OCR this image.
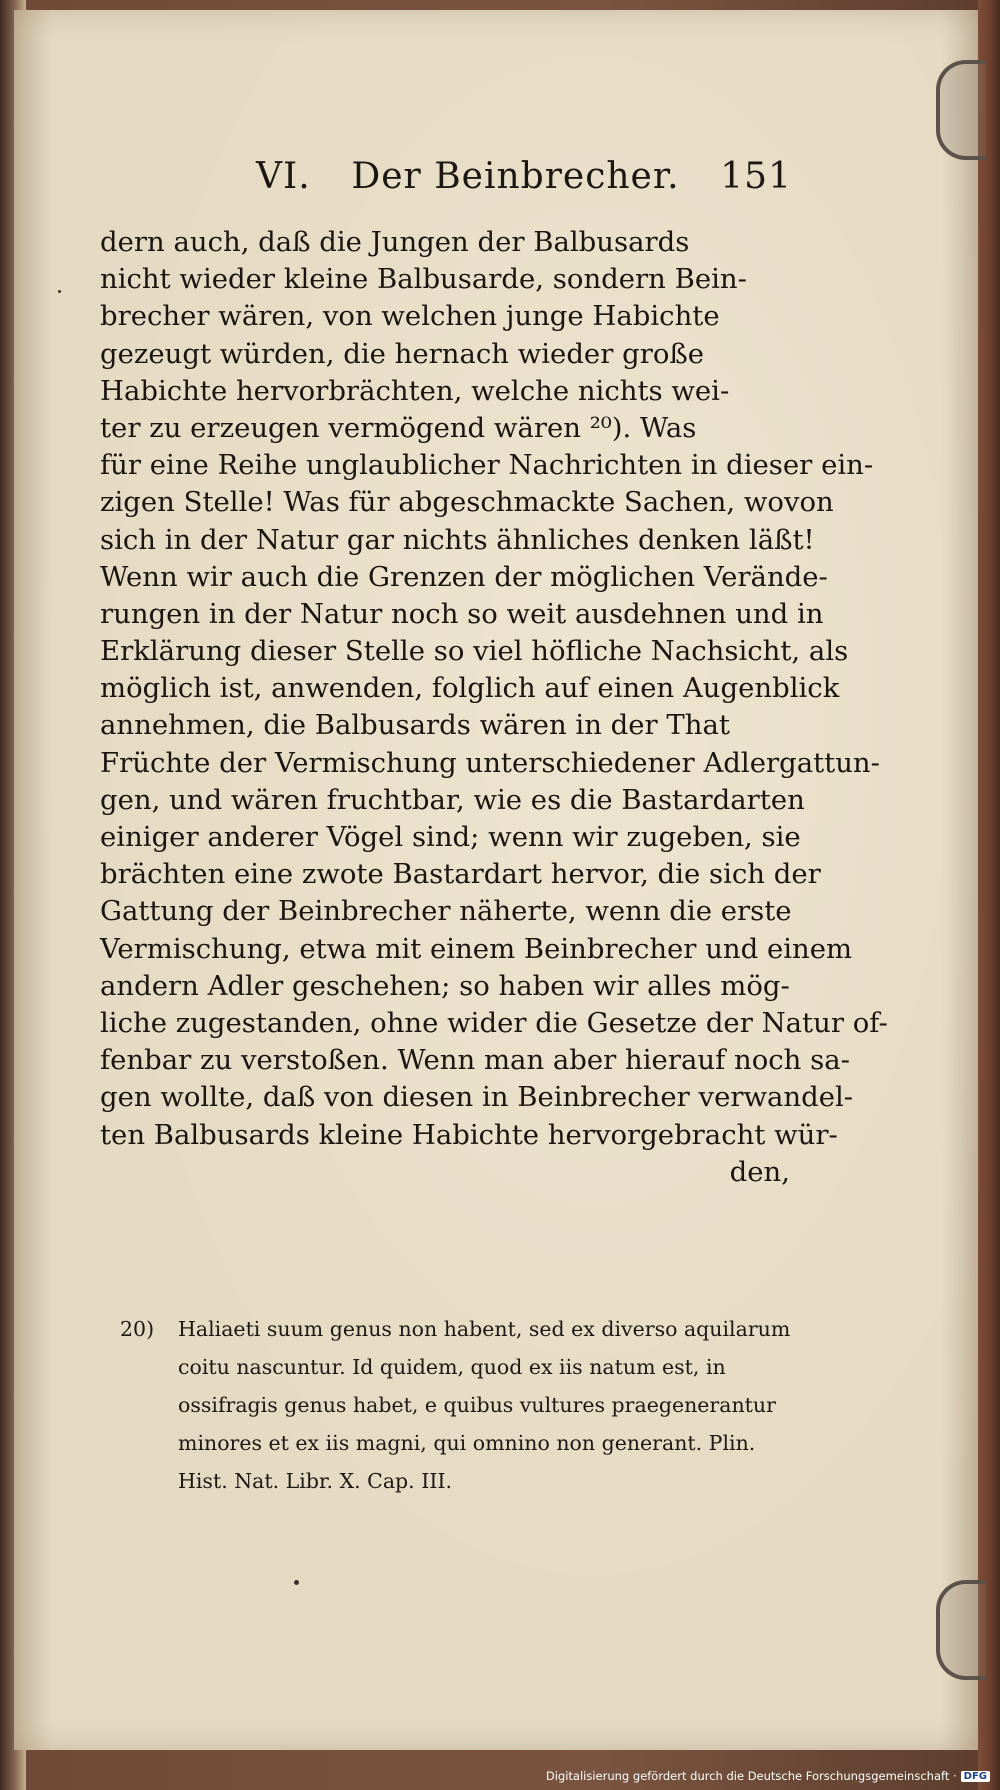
VI.	Der Beinbrecher.	151
dern auch, daß die Jungen der Balbusards
nicht wieder kleine Balbusarde, sondern Bein-
brecher wären, von welchen junge Habichte
gezeugt würden, die hernach wieder große
Habichte hervorbrächten, welche nichts wei-
ter zu erzeugen vermögend wären ²⁰). Was
für eine Reihe unglaublicher Nachrichten in dieser ein-
zigen Stelle! Was für abgeschmackte Sachen, wovon
sich in der Natur gar nichts ähnliches denken läßt!
Wenn wir auch die Grenzen der möglichen Verände-
rungen in der Natur noch so weit ausdehnen und in
Erklärung dieser Stelle so viel höfliche Nachsicht, als
möglich ist, anwenden, folglich auf einen Augenblick
annehmen, die Balbusards wären in der That
Früchte der Vermischung unterschiedener Adlergattun-
gen, und wären fruchtbar, wie es die Bastardarten
einiger anderer Vögel sind; wenn wir zugeben, sie
brächten eine zwote Bastardart hervor, die sich der
Gattung der Beinbrecher näherte, wenn die erste
Vermischung, etwa mit einem Beinbrecher und einem
andern Adler geschehen; so haben wir alles mög-
liche zugestanden, ohne wider die Gesetze der Natur of-
fenbar zu verstoßen. Wenn man aber hierauf noch sa-
gen wollte, daß von diesen in Beinbrecher verwandel-
ten Balbusards kleine Habichte hervorgebracht wür-
den,
20) Haliaeti suum genus non habent, sed ex diverso aquilarum
coitu nascuntur. Id quidem, quod ex iis natum est, in
ossifragis genus habet, e quibus vultures praegenerantur
minores et ex iis magni, qui omnino non generant. Plin.
Hist. Nat. Libr. X. Cap. III.
Digitalisierung gefördert durch die Deutsche Forschungsgemeinschaft · DFG
